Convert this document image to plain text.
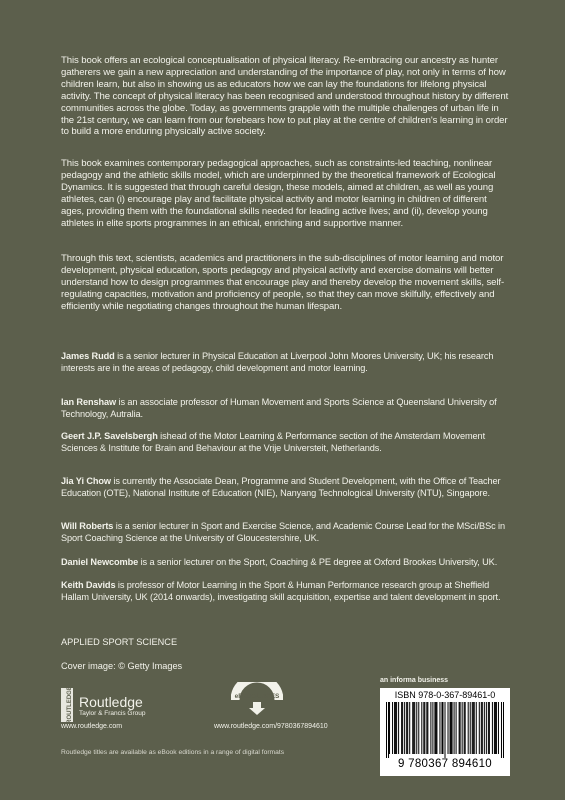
This book offers an ecological conceptualisation of physical literacy. Re-embracing our ancestry as hunter gatherers we gain a new appreciation and understanding of the importance of play, not only in terms of how children learn, but also in showing us as educators how we can lay the foundations for lifelong physical activity. The concept of physical literacy has been recognised and understood throughout history by different communities across the globe. Today, as governments grapple with the multiple challenges of urban life in the 21st century, we can learn from our forebears how to put play at the centre of children's learning in order to build a more enduring physically active society.

This book examines contemporary pedagogical approaches, such as constraints-led teaching, nonlinear pedagogy and the athletic skills model, which are underpinned by the theoretical framework of Ecological Dynamics. It is suggested that through careful design, these models, aimed at children, as well as young athletes, can (i) encourage play and facilitate physical activity and motor learning in children of different ages, providing them with the foundational skills needed for leading active lives; and (ii), develop young athletes in elite sports programmes in an ethical, enriching and supportive manner.

Through this text, scientists, academics and practitioners in the sub-disciplines of motor learning and motor development, physical education, sports pedagogy and physical activity and exercise domains will better understand how to design programmes that encourage play and thereby develop the movement skills, self-regulating capacities, motivation and proficiency of people, so that they can move skilfully, effectively and efficiently while negotiating changes throughout the human lifespan.

James Rudd is a senior lecturer in Physical Education at Liverpool John Moores University, UK; his research interests are in the areas of pedagogy, child development and motor learning.

Ian Renshaw is an associate professor of Human Movement and Sports Science at Queensland University of Technology, Autralia.

Geert J.P. Savelsbergh ishead of the Motor Learning & Performance section of the Amsterdam Movement Sciences & Institute for Brain and Behaviour at the Vrije Universteit, Netherlands.

Jia Yi Chow is currently the Associate Dean, Programme and Student Development, with the Office of Teacher Education (OTE), National Institute of Education (NIE), Nanyang Technological University (NTU), Singapore.

Will Roberts is a senior lecturer in Sport and Exercise Science, and Academic Course Lead for the MSci/BSc in Sport Coaching Science at the University of Gloucestershire, UK.

Daniel Newcombe is a senior lecturer on the Sport, Coaching & PE degree at Oxford Brookes University, UK.

Keith Davids is professor of Motor Learning in the Sport & Human Performance research group at Sheffield Hallam University, UK (2014 onwards), investigating skill acquisition, expertise and talent development in sport.

APPLIED SPORT SCIENCE
Cover image: © Getty Images
ROUTLEDGE Routledge
Taylor & Francis Group
www.routledge.com
eRESOURCES
www.routledge.com/9780367894610
an informa business
ISBN 978-0-367-89461-0
9 780367 894610
Routledge titles are available as eBook editions in a range of digital formats
